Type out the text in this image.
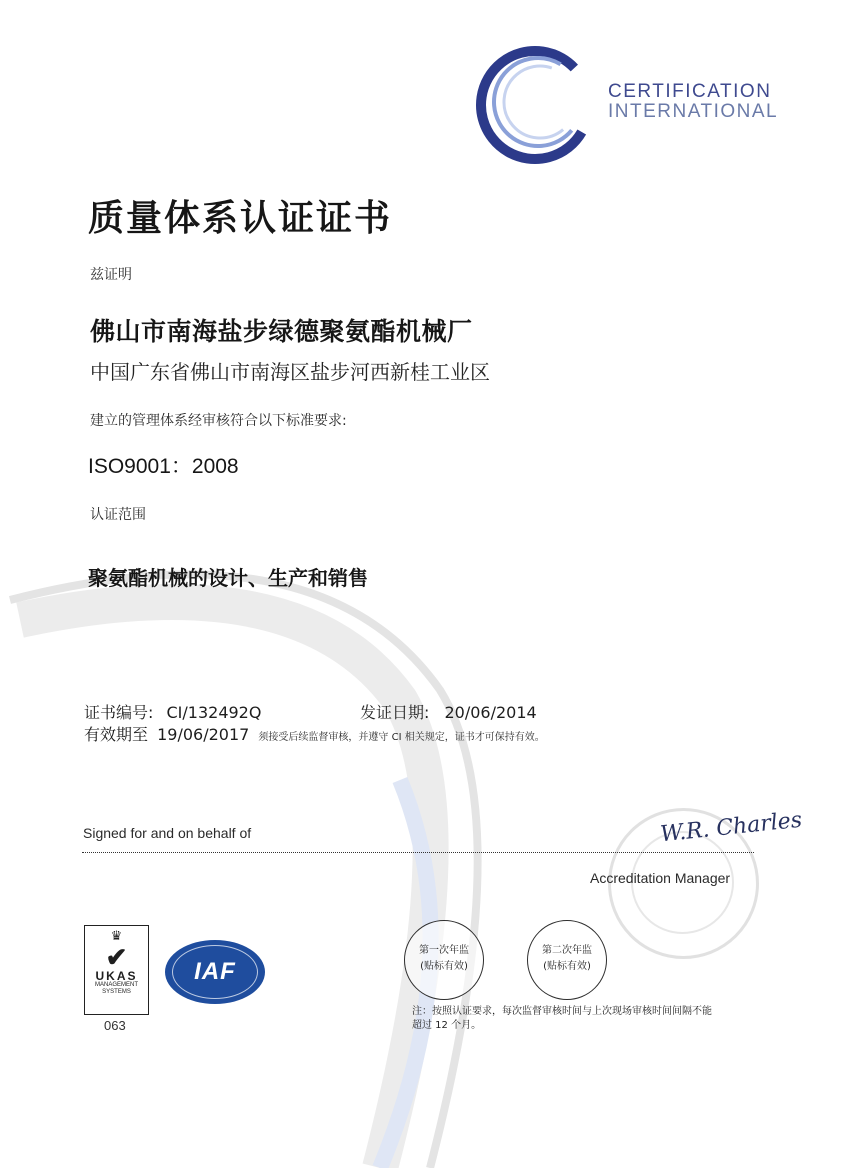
CERTIFICATION
INTERNATIONAL
质量体系认证证书
兹证明
佛山市南海盐步绿德聚氨酯机械厂
中国广东省佛山市南海区盐步河西新桂工业区
建立的管理体系经审核符合以下标准要求:
ISO9001：2008
认证范围
聚氨酯机械的设计、生产和销售
证书编号: CI/132492Q	发证日期: 20/06/2014
有效期至 19/06/2017 须接受后续监督审核，并遵守 CI 相关规定，证书才可保持有效。
Signed for and on behalf of	W.R. Charles
Accreditation Manager
第一次年监
(贴标有效)
第二次年监
(贴标有效)
注：按照认证要求，每次监督审核时间与上次现场审核时间间隔不能
超过 12 个月。
♛
✔
UKAS
MANAGEMENT
SYSTEMS
063
IAF
